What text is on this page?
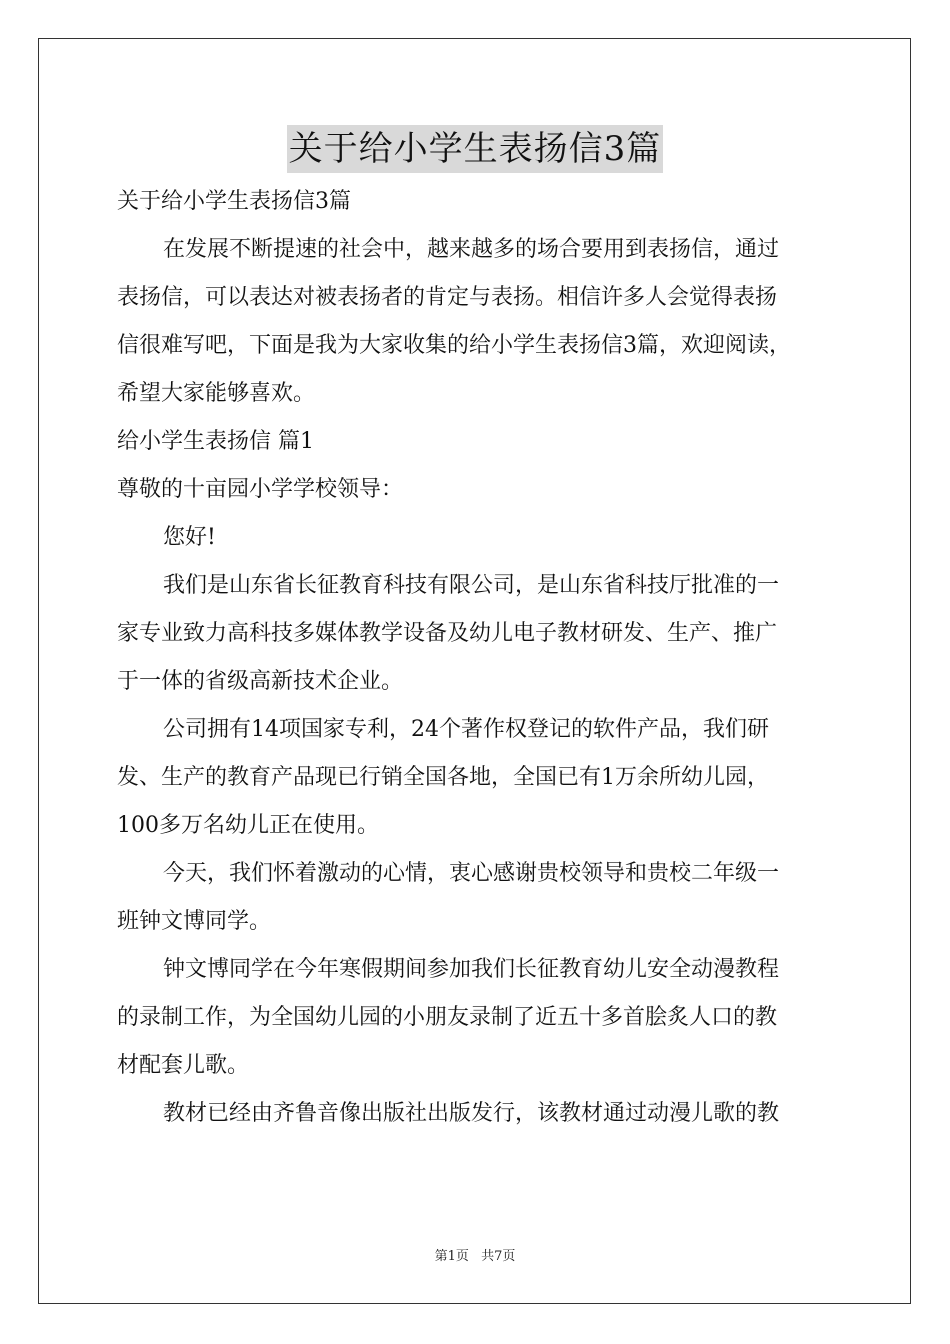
关于给小学生表扬信3篇
关于给小学生表扬信3篇
在发展不断提速的社会中，越来越多的场合要用到表扬信，通过
表扬信，可以表达对被表扬者的肯定与表扬。相信许多人会觉得表扬
信很难写吧，下面是我为大家收集的给小学生表扬信3篇，欢迎阅读，
希望大家能够喜欢。
给小学生表扬信 篇1
尊敬的十亩园小学学校领导：
您好!
我们是山东省长征教育科技有限公司，是山东省科技厅批准的一
家专业致力高科技多媒体教学设备及幼儿电子教材研发、生产、推广
于一体的省级高新技术企业。
公司拥有14项国家专利，24个著作权登记的软件产品，我们研
发、生产的教育产品现已行销全国各地，全国已有1万余所幼儿园，
100多万名幼儿正在使用。
今天，我们怀着激动的心情，衷心感谢贵校领导和贵校二年级一
班钟文博同学。
钟文博同学在今年寒假期间参加我们长征教育幼儿安全动漫教程
的录制工作，为全国幼儿园的小朋友录制了近五十多首脍炙人口的教
材配套儿歌。
教材已经由齐鲁音像出版社出版发行，该教材通过动漫儿歌的教
第1页 共7页
